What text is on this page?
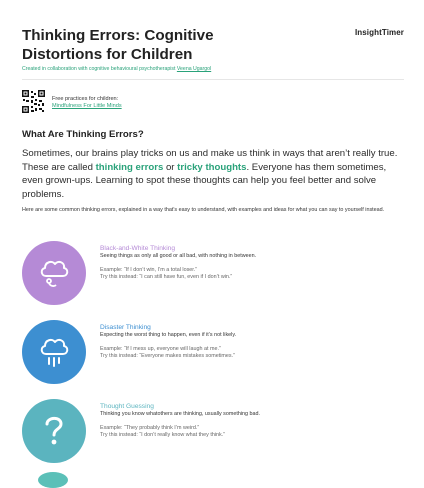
Thinking Errors: Cognitive
Distortions for Children
InsightTimer
Created in collaboration with cognitive behavioural psychotherapist Veena Ugargol
Free practices for children:
Mindfulness For Little Minds
What Are Thinking Errors?
Sometimes, our brains play tricks on us and make us think in ways that aren’t really true. These are called thinking errors or tricky thoughts. Everyone has them sometimes, even grown-ups. Learning to spot these thoughts can help you feel better and solve problems.
Here are some common thinking errors, explained in a way that’s easy to understand, with examples and ideas for what you can say to yourself instead.
Black-and-White Thinking
Seeing things as only all good or all bad, with nothing in between.
Example: “If I don’t win, I’m a total loser.”
Try this instead: “I can still have fun, even if I don’t win.”
Disaster Thinking
Expecting the worst thing to happen, even if it’s not likely.
Example: “If I mess up, everyone will laugh at me.”
Try this instead: “Everyone makes mistakes sometimes.”
Thought Guessing
Thinking you know whatothers are thinking, usually something bad.
Example: “They probably think I’m weird.”
Try this instead: “I don’t really know what they think.”
